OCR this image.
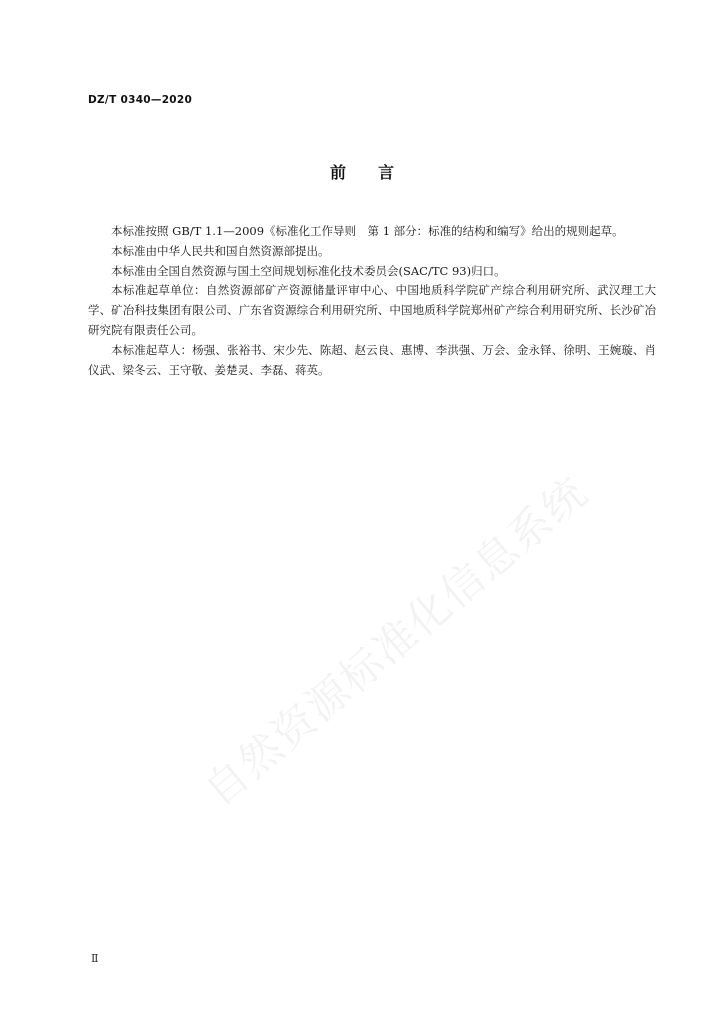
DZ/T 0340—2020
前　　言

本标准按照 GB/T 1.1—2009《标准化工作导则　第 1 部分：标准的结构和编写》给出的规则起草。

本标准由中华人民共和国自然资源部提出。

本标准由全国自然资源与国土空间规划标准化技术委员会(SAC/TC 93)归口。

本标准起草单位：自然资源部矿产资源储量评审中心、中国地质科学院矿产综合利用研究所、武汉理工大学、矿冶科技集团有限公司、广东省资源综合利用研究所、中国地质科学院郑州矿产综合利用研究所、长沙矿冶研究院有限责任公司。

本标准起草人：杨强、张裕书、宋少先、陈超、赵云良、惠博、李洪强、万会、金永铎、徐明、王婉璇、肖仪武、梁冬云、王守敬、姜楚灵、李磊、蒋英。

自然资源标准化信息系统
Ⅱ
